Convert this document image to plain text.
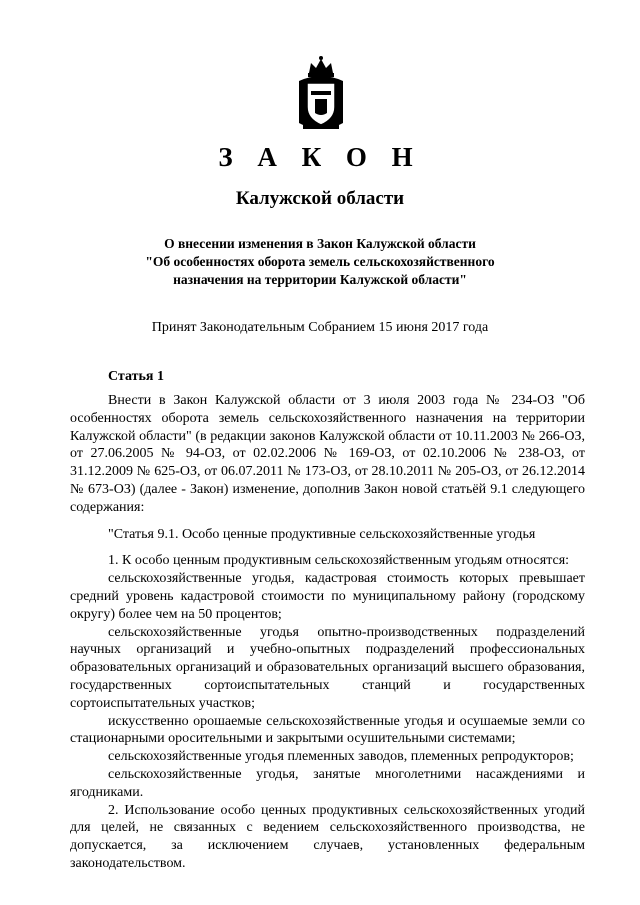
З А К О Н
Калужской области
О внесении изменения в Закон Калужской области
"Об особенностях оборота земель сельскохозяйственного
назначения на территории Калужской области"
Принят Законодательным Собранием 15 июня 2017 года
Статья 1

Внести в Закон Калужской области от 3 июля 2003 года № 234-ОЗ "Об особенностях оборота земель сельскохозяйственного назначения на территории Калужской области" (в редакции законов Калужской области от 10.11.2003 № 266-ОЗ, от 27.06.2005 № 94-ОЗ, от 02.02.2006 № 169-ОЗ, от 02.10.2006 № 238-ОЗ, от 31.12.2009 № 625-ОЗ, от 06.07.2011 № 173-ОЗ, от 28.10.2011 № 205-ОЗ, от 26.12.2014 № 673-ОЗ) (далее - Закон) изменение, дополнив Закон новой статьёй 9.1 следующего содержания:

"Статья 9.1. Особо ценные продуктивные сельскохозяйственные угодья

1. К особо ценным продуктивным сельскохозяйственным угодьям относятся:

сельскохозяйственные угодья, кадастровая стоимость которых превышает средний уровень кадастровой стоимости по муниципальному району (городскому округу) более чем на 50 процентов;

сельскохозяйственные угодья опытно-производственных подразделений научных организаций и учебно-опытных подразделений профессиональных образовательных организаций и образовательных организаций высшего образования, государственных сортоиспытательных станций и государственных сортоиспытательных участков;

искусственно орошаемые сельскохозяйственные угодья и осушаемые земли со стационарными оросительными и закрытыми осушительными системами;

сельскохозяйственные угодья племенных заводов, племенных репродукторов;

сельскохозяйственные угодья, занятые многолетними насаждениями и ягодниками.

2. Использование особо ценных продуктивных сельскохозяйственных угодий для целей, не связанных с ведением сельскохозяйственного производства, не допускается, за исключением случаев, установленных федеральным законодательством.
